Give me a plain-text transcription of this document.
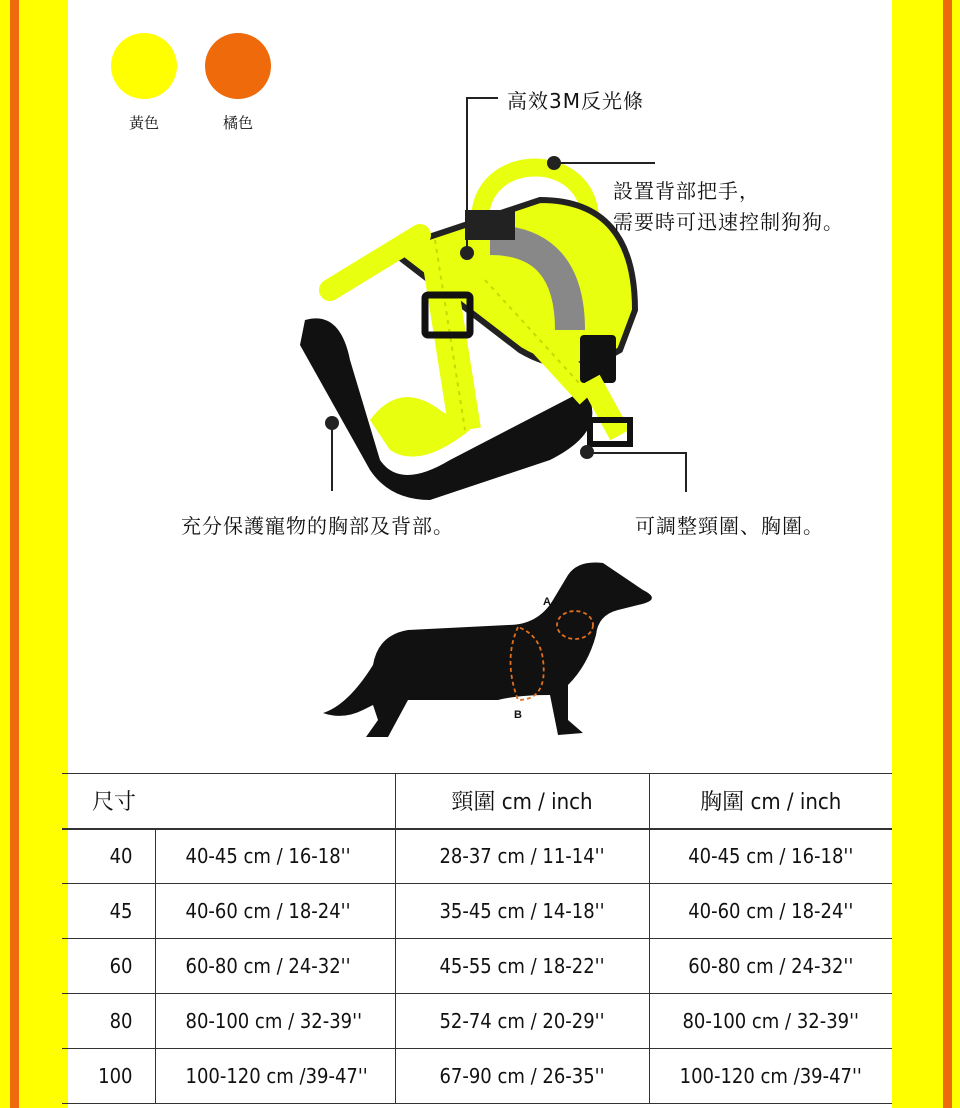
黃色	橘色
高效3M反光條
設置背部把手，
需要時可迅速控制狗狗。
充分保護寵物的胸部及背部。	可調整頸圍、胸圍。
A
B
尺寸		頸圍 cm / inch	胸圍 cm / inch
40	40-45 cm / 16-18''	28-37 cm / 11-14''	40-45 cm / 16-18''
45	40-60 cm / 18-24''	35-45 cm / 14-18''	40-60 cm / 18-24''
60	60-80 cm / 24-32''	45-55 cm / 18-22''	60-80 cm / 24-32''
80	80-100 cm / 32-39''	52-74 cm / 20-29''	80-100 cm / 32-39''
100	100-120 cm /39-47''	67-90 cm / 26-35''	100-120 cm /39-47''
